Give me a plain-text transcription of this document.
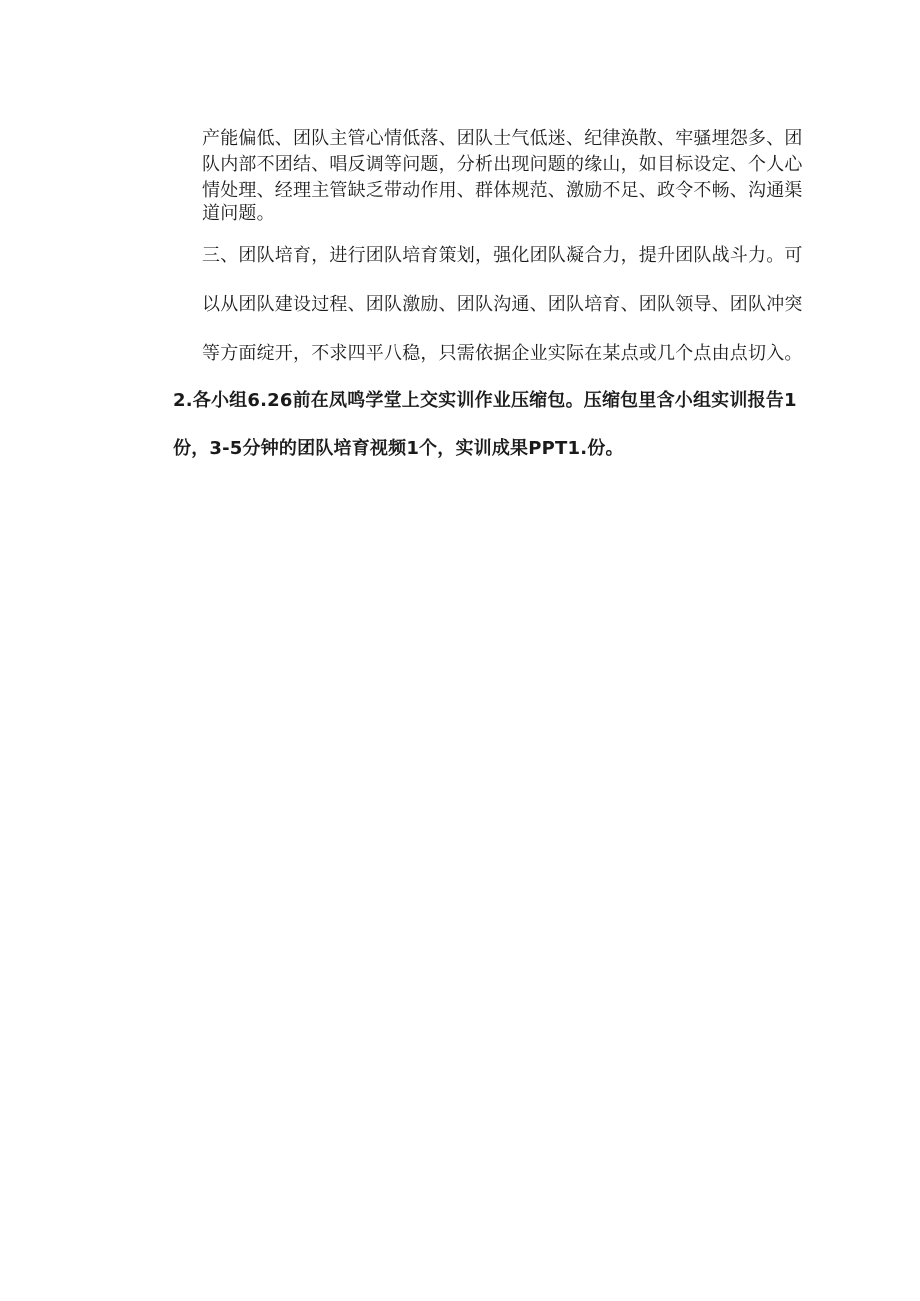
产能偏低、团队主管心情低落、团队士气低迷、纪律涣散、牢骚埋怨多、团
队内部不团结、唱反调等问题，分析出现问题的缘山，如目标设定、个人心
情处理、经理主管缺乏带动作用、群体规范、激励不足、政令不畅、沟通渠
道问题。
三、团队培育，进行团队培育策划，强化团队凝合力，提升团队战斗力。可
以从团队建设过程、团队激励、团队沟通、团队培育、团队领导、团队冲突
等方面绽开，不求四平八稳，只需依据企业实际在某点或几个点由点切入。
2.各小组6.26前在凤鸣学堂上交实训作业压缩包。压缩包里含小组实训报告1
份，3-5分钟的团队培育视频1个，实训成果PPT1.份。
